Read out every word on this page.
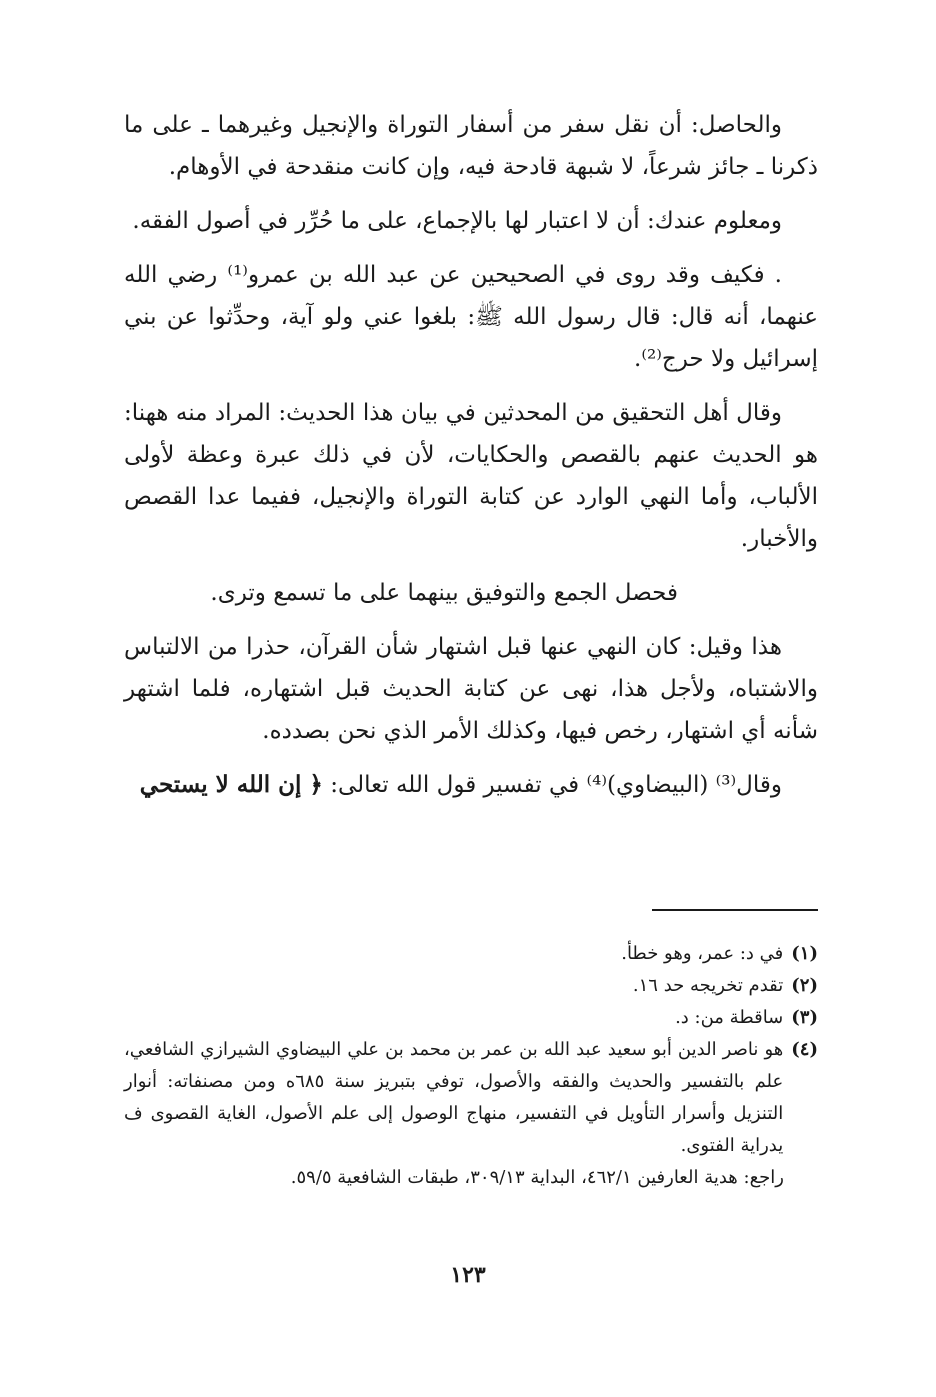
والحاصل: أن نقل سفر من أسفار التوراة والإنجيل وغيرهما ـ على ما ذكرنا ـ جائز شرعاً، لا شبهة قادحة فيه، وإن كانت منقدحة في الأوهام.

ومعلوم عندك: أن لا اعتبار لها بالإجماع، على ما حُرِّر في أصول الفقه.

. فكيف وقد روى في الصحيحين عن عبد الله بن عمرو⁽¹⁾ رضي الله عنهما، أنه قال: قال رسول الله ﷺ: بلغوا عني ولو آية، وحدِّثوا عن بني إسرائيل ولا حرج⁽²⁾.

وقال أهل التحقيق من المحدثين في بيان هذا الحديث: المراد منه ههنا: هو الحديث عنهم بالقصص والحكايات، لأن في ذلك عبرة وعظة لأولى الألباب، وأما النهي الوارد عن كتابة التوراة والإنجيل، ففيما عدا القصص والأخبار.

فحصل الجمع والتوفيق بينهما على ما تسمع وترى.

هذا وقيل: كان النهي عنها قبل اشتهار شأن القرآن، حذرا من الالتباس والاشتباه، ولأجل هذا، نهى عن كتابة الحديث قبل اشتهاره، فلما اشتهر شأنه أي اشتهار، رخص فيها، وكذلك الأمر الذي نحن بصدده.

وقال⁽³⁾ (البيضاوي)⁽⁴⁾ في تفسير قول الله تعالى: ﴿ إن الله لا يستحي

(١)
في د: عمر، وهو خطأ.
(٢)
تقدم تخريجه حد ١٦.
(٣)
ساقطة من: د.
(٤)
هو ناصر الدين أبو سعيد عبد الله بن عمر بن محمد بن علي البيضاوي الشيرازي الشافعي، علم بالتفسير والحديث والفقه والأصول، توفي بتبريز سنة ٦٨٥ه ومن مصنفاته: أنوار التنزيل وأسرار التأويل في التفسير، منهاج الوصول إلى علم الأصول، الغاية القصوى ف يدراية الفتوى.

راجع: هدية العارفين ٤٦٢/١، البداية ٣٠٩/١٣، طبقات الشافعية ٥٩/٥.

١٢٣
